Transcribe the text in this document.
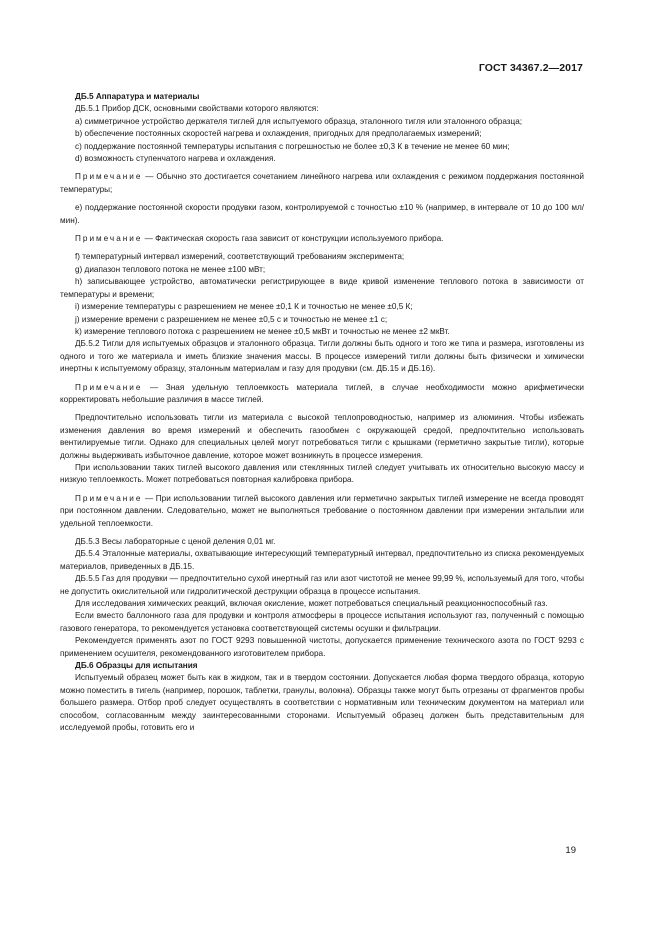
ГОСТ 34367.2—2017

ДБ.5 Аппаратура и материалы

ДБ.5.1 Прибор ДСК, основными свойствами которого являются:

a) симметричное устройство держателя тиглей для испытуемого образца, эталонного тигля или эталонного образца;

b) обеспечение постоянных скоростей нагрева и охлаждения, пригодных для предполагаемых измерений;

c) поддержание постоянной температуры испытания с погрешностью не более ±0,3 К в течение не менее 60 мин;

d) возможность ступенчатого нагрева и охлаждения.

Примечание — Обычно это достигается сочетанием линейного нагрева или охлаждения с режимом поддержания постоянной температуры;

e) поддержание постоянной скорости продувки газом, контролируемой с точностью ±10 % (например, в интервале от 10 до 100 мл/мин).

Примечание — Фактическая скорость газа зависит от конструкции используемого прибора.

f) температурный интервал измерений, соответствующий требованиям эксперимента;

g) диапазон теплового потока не менее ±100 мВт;

h) записывающее устройство, автоматически регистрирующее в виде кривой изменение теплового потока в зависимости от температуры и времени;

i) измерение температуры с разрешением не менее ±0,1 К и точностью не менее ±0,5 К;

j) измерение времени с разрешением не менее ±0,5 с и точностью не менее ±1 с;

k) измерение теплового потока с разрешением не менее ±0,5 мкВт и точностью не менее ±2 мкВт.

ДБ.5.2 Тигли для испытуемых образцов и эталонного образца. Тигли должны быть одного и того же типа и размера, изготовлены из одного и того же материала и иметь близкие значения массы. В процессе измерений тигли должны быть физически и химически инертны к испытуемому образцу, эталонным материалам и газу для продувки (см. ДБ.15 и ДБ.16).

Примечание — Зная удельную теплоемкость материала тиглей, в случае необходимости можно арифметически корректировать небольшие различия в массе тиглей.

Предпочтительно использовать тигли из материала с высокой теплопроводностью, например из алюминия. Чтобы избежать изменения давления во время измерений и обеспечить газообмен с окружающей средой, предпочтительно использовать вентилируемые тигли. Однако для специальных целей могут потребоваться тигли с крышками (герметично закрытые тигли), которые должны выдерживать избыточное давление, которое может возникнуть в процессе измерения.

При использовании таких тиглей высокого давления или стеклянных тиглей следует учитывать их относительно высокую массу и низкую теплоемкость. Может потребоваться повторная калибровка прибора.

Примечание — При использовании тиглей высокого давления или герметично закрытых тиглей измерение не всегда проводят при постоянном давлении. Следовательно, может не выполняться требование о постоянном давлении при измерении энтальпии или удельной теплоемкости.

ДБ.5.3 Весы лабораторные с ценой деления 0,01 мг.

ДБ.5.4 Эталонные материалы, охватывающие интересующий температурный интервал, предпочтительно из списка рекомендуемых материалов, приведенных в ДБ.15.

ДБ.5.5 Газ для продувки — предпочтительно сухой инертный газ или азот чистотой не менее 99,99 %, используемый для того, чтобы не допустить окислительной или гидролитической деструкции образца в процессе испытания.

Для исследования химических реакций, включая окисление, может потребоваться специальный реакционноспособный газ.

Если вместо баллонного газа для продувки и контроля атмосферы в процессе испытания используют газ, полученный с помощью газового генератора, то рекомендуется установка соответствующей системы осушки и фильтрации.

Рекомендуется применять азот по ГОСТ 9293 повышенной чистоты, допускается применение технического азота по ГОСТ 9293 с применением осушителя, рекомендованного изготовителем прибора.

ДБ.6 Образцы для испытания

Испытуемый образец может быть как в жидком, так и в твердом состоянии. Допускается любая форма твердого образца, которую можно поместить в тигель (например, порошок, таблетки, гранулы, волокна). Образцы также могут быть отрезаны от фрагментов пробы большего размера. Отбор проб следует осуществлять в соответствии с нормативным или техническим документом на материал или способом, согласованным между заинтересованными сторонами. Испытуемый образец должен быть представительным для исследуемой пробы, готовить его и

19
